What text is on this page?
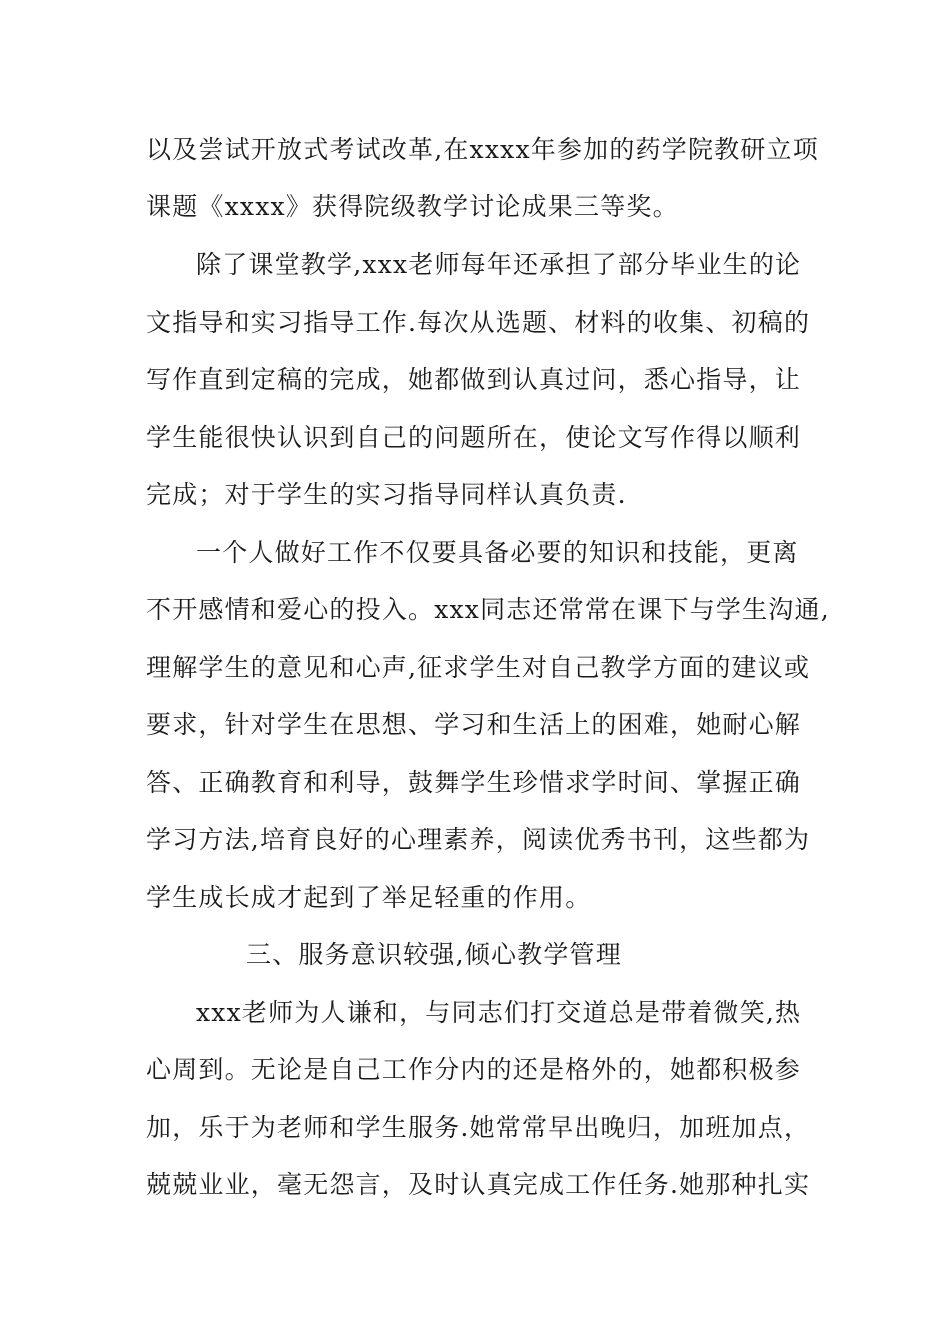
以及尝试开放式考试改革,在xxxx年参加的药学院教研立项
课题《xxxx》获得院级教学讨论成果三等奖。
除了课堂教学,xxx老师每年还承担了部分毕业生的论
文指导和实习指导工作.每次从选题、材料的收集、初稿的
写作直到定稿的完成，她都做到认真过问，悉心指导，让
学生能很快认识到自己的问题所在，使论文写作得以顺利
完成；对于学生的实习指导同样认真负责.
一个人做好工作不仅要具备必要的知识和技能，更离
不开感情和爱心的投入。xxx同志还常常在课下与学生沟通,
理解学生的意见和心声,征求学生对自己教学方面的建议或
要求，针对学生在思想、学习和生活上的困难，她耐心解
答、正确教育和利导，鼓舞学生珍惜求学时间、掌握正确
学习方法,培育良好的心理素养，阅读优秀书刊，这些都为
学生成长成才起到了举足轻重的作用。
三、服务意识较强,倾心教学管理
xxx老师为人谦和，与同志们打交道总是带着微笑,热
心周到。无论是自己工作分内的还是格外的，她都积极参
加，乐于为老师和学生服务.她常常早出晚归，加班加点，
兢兢业业，毫无怨言，及时认真完成工作任务.她那种扎实
